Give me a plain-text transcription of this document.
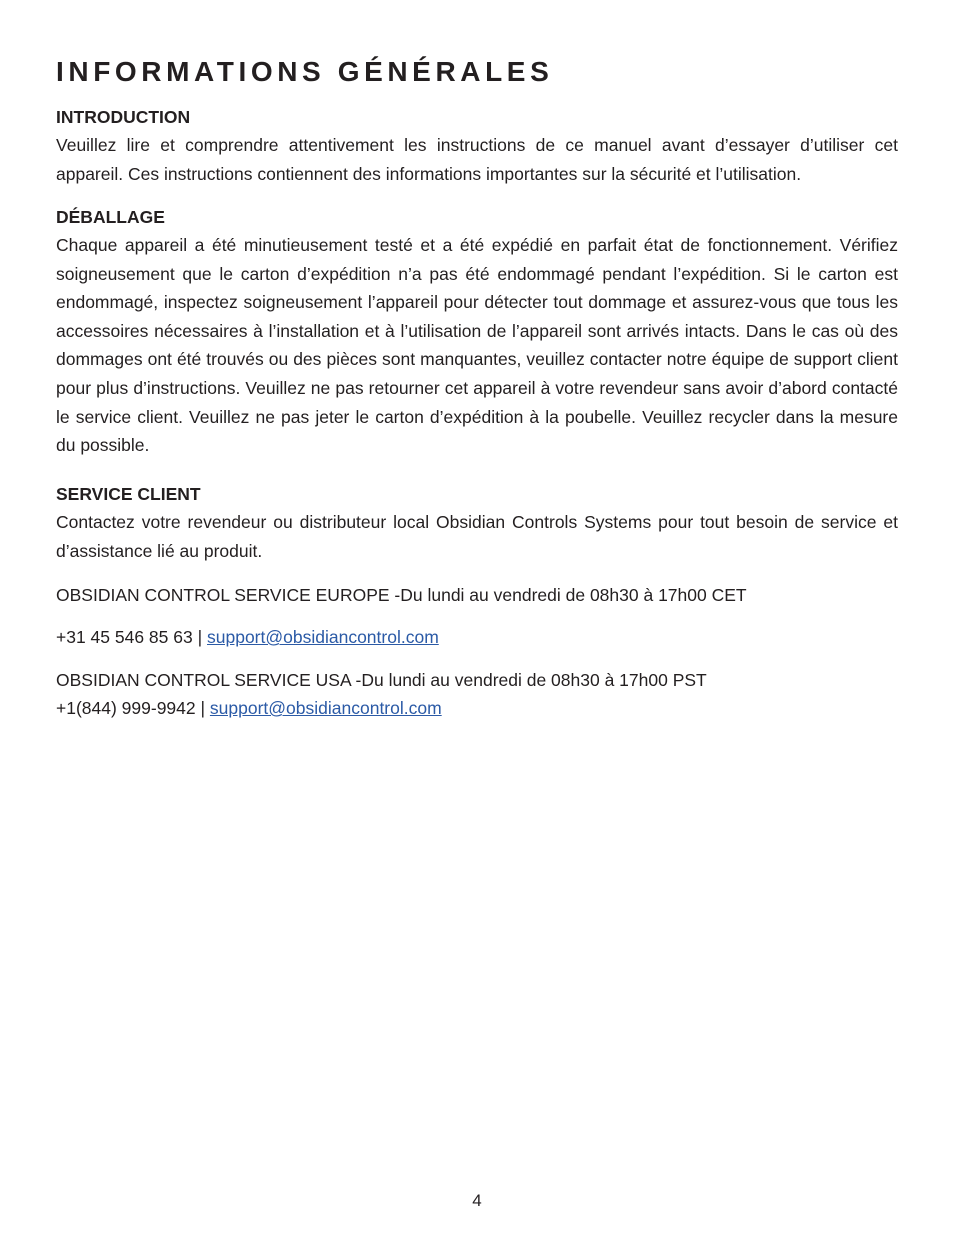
INFORMATIONS GÉNÉRALES
INTRODUCTION

Veuillez lire et comprendre attentivement les instructions de ce manuel avant d’essayer d’utiliser cet appareil. Ces instructions contiennent des informations importantes sur la sécurité et l’utilisation.

DÉBALLAGE

Chaque appareil a été minutieusement testé et a été expédié en parfait état de fonctionnement. Vérifiez soigneusement que le carton d’expédition n’a pas été endommagé pendant l’expédition. Si le carton est endommagé, inspectez soigneusement l’appareil pour détecter tout dommage et assurez-vous que tous les accessoires nécessaires à l’installation et à l’utilisation de l’appareil sont arrivés intacts. Dans le cas où des dommages ont été trouvés ou des pièces sont manquantes, veuillez contacter notre équipe de support client pour plus d’instructions. Veuillez ne pas retourner cet appareil à votre revendeur sans avoir d’abord contacté le service client. Veuillez ne pas jeter le carton d’expédition à la poubelle. Veuillez recycler dans la mesure du possible.

SERVICE CLIENT

Contactez votre revendeur ou distributeur local Obsidian Controls Systems pour tout besoin de service et d’assistance lié au produit.

OBSIDIAN CONTROL SERVICE EUROPE -Du lundi au vendredi de 08h30 à 17h00 CET
+31 45 546 85 63 | support@obsidiancontrol.com
OBSIDIAN CONTROL SERVICE USA -Du lundi au vendredi de 08h30 à 17h00 PST
+1(844) 999-9942 | support@obsidiancontrol.com
4
